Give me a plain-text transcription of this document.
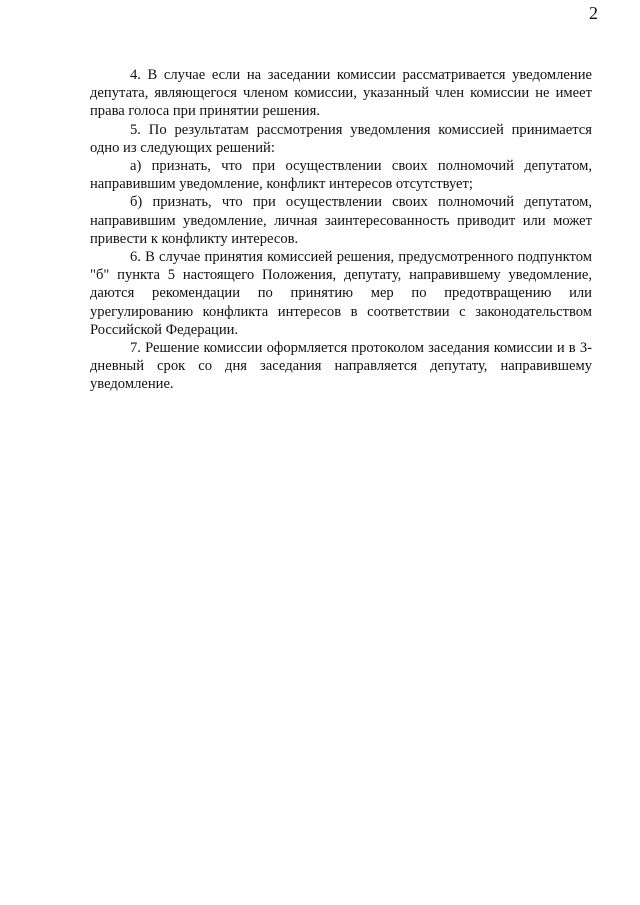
2

4. В случае если на заседании комиссии рассматривается уведомление депутата, являющегося членом комиссии, указанный член комиссии не имеет права голоса при принятии решения.

5. По результатам рассмотрения уведомления комиссией принимается одно из следующих решений:

а) признать, что при осуществлении своих полномочий депутатом, направившим уведомление, конфликт интересов отсутствует;

б) признать, что при осуществлении своих полномочий депутатом, направившим уведомление, личная заинтересованность приводит или может привести к конфликту интересов.

6. В случае принятия комиссией решения, предусмотренного подпунктом "б" пункта 5 настоящего Положения, депутату, направившему уведомление, даются рекомендации по принятию мер по предотвращению или урегулированию конфликта интересов в соответствии с законодательством Российской Федерации.

7. Решение комиссии оформляется протоколом заседания комиссии и в 3-дневный срок со дня заседания направляется депутату, направившему уведомление.
